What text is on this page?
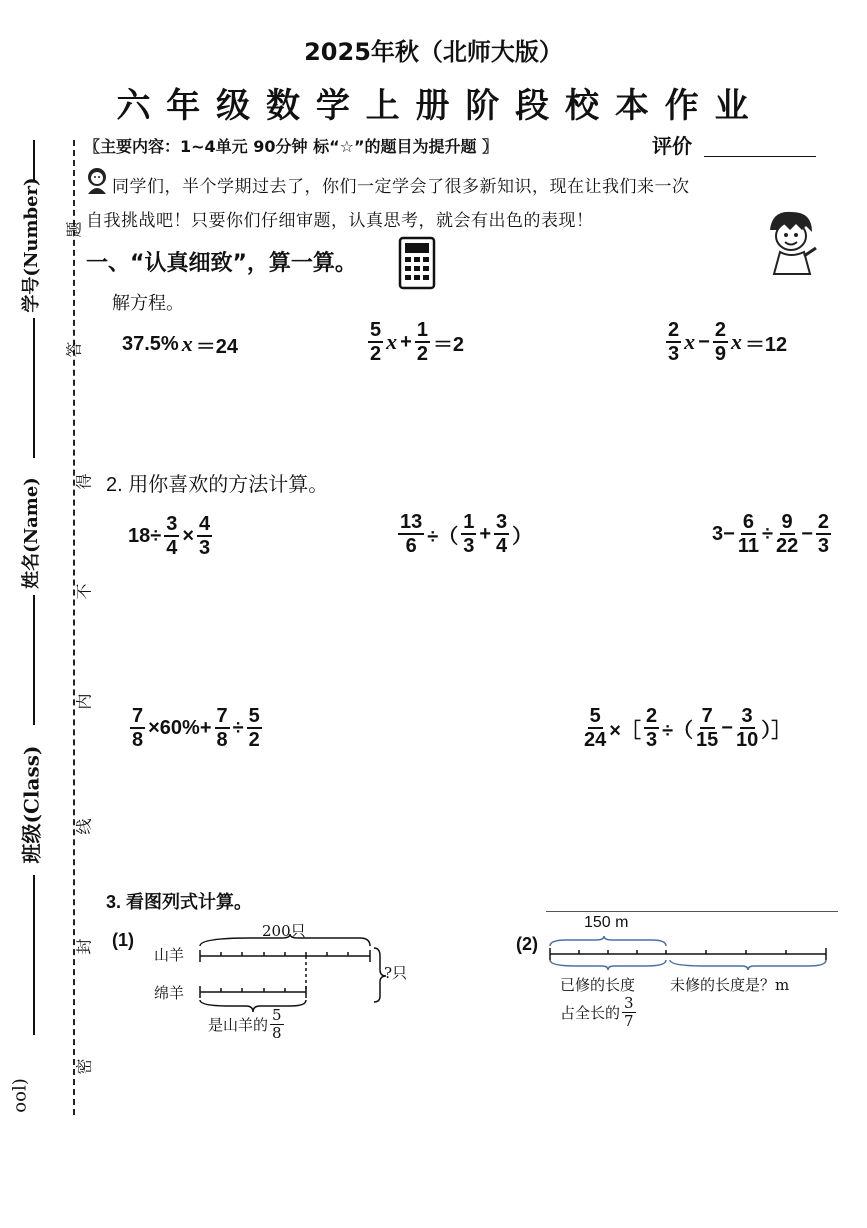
学号(Number)
姓名(Name)
班级(Class)
ool)
题
答
得
不
内
线
封
密
2025年秋（北师大版）
六 年 级 数 学 上 册 阶 段 校 本 作 业
〖主要内容：1~4单元 90分钟 标“☆”的题目为提升题 〗	评价
同学们，半个学期过去了，你们一定学会了很多新知识，现在让我们来一次
自我挑战吧！只要你们仔细审题，认真思考，就会有出色的表现！
一、“认真细致”，算一算。
解方程。
37.5% x ＝24	$\frac{5}{2}$ $x + \frac{1}{2} =2$	$\frac{2}{3}$ $x - \frac{2}{9}$ x ＝12
2. 用你喜欢的方法计算。
$18\div \frac{3}{4} \times \frac{4}{3}$	$\frac{13}{6}$ ÷（ $\frac{1}{3} + \frac{3}{4}$ ）	$3- \frac{6}{11} \div \frac{9}{22} - \frac{2}{3}$
$\frac{7}{8} \times 60\%+ \frac{7}{8} \div \frac{5}{2}$	$\frac{5}{24}$ ×［ $\frac{2}{3}$ ÷（ $\frac{7}{15} - \frac{3}{10}$ ）］
3. 看图列式计算。
(1)	200只
山羊
绵羊
?只
是山羊的 $\frac{5}{8}$
(2)
150 m
已修的长度 未修的长度是？m
占全长的 $\frac{3}{7}$
